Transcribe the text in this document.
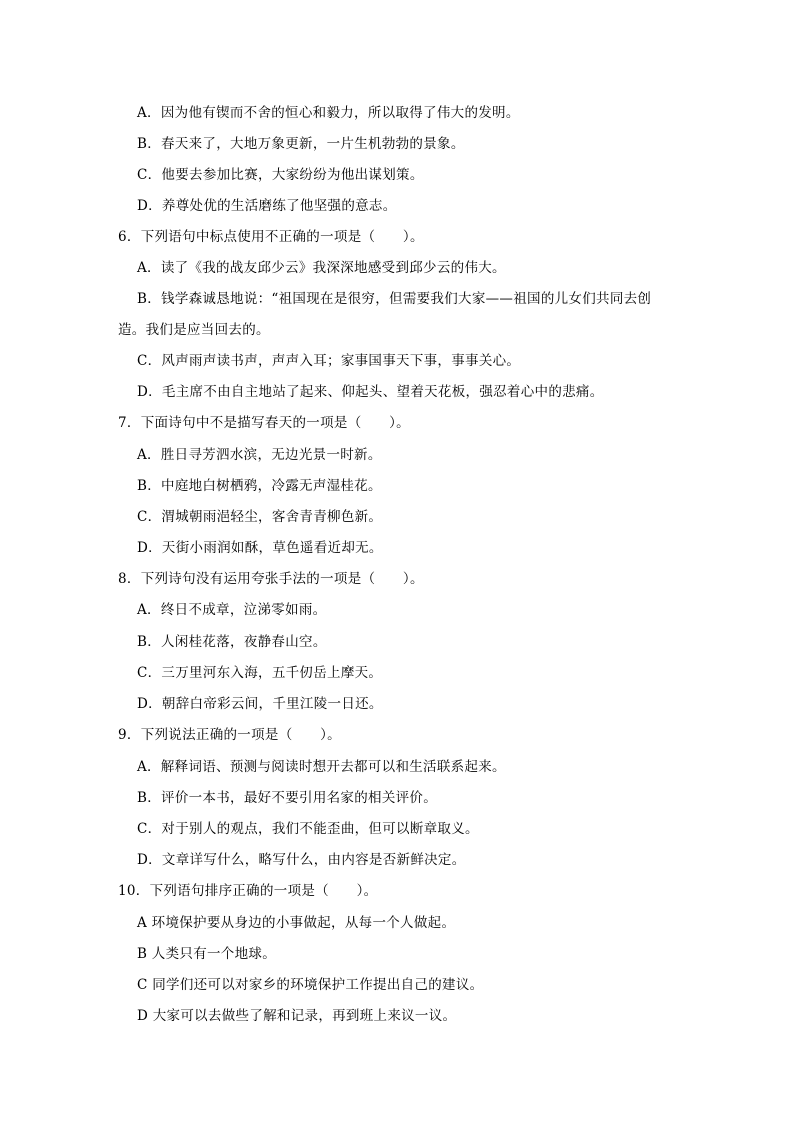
A．因为他有锲而不舍的恒心和毅力，所以取得了伟大的发明。
B．春天来了，大地万象更新，一片生机勃勃的景象。
C．他要去参加比赛，大家纷纷为他出谋划策。
D．养尊处优的生活磨练了他坚强的意志。
6．下列语句中标点使用不正确的一项是（　　）。
A．读了《我的战友邱少云》我深深地感受到邱少云的伟大。
B．钱学森诚恳地说：“祖国现在是很穷，但需要我们大家——祖国的儿女们共同去创
造。我们是应当回去的。
C．风声雨声读书声，声声入耳；家事国事天下事，事事关心。
D．毛主席不由自主地站了起来、仰起头、望着天花板，强忍着心中的悲痛。
7．下面诗句中不是描写春天的一项是（　　）。
A．胜日寻芳泗水滨，无边光景一时新。
B．中庭地白树栖鸦，冷露无声湿桂花。
C．渭城朝雨浥轻尘，客舍青青柳色新。
D．天街小雨润如酥，草色遥看近却无。
8．下列诗句没有运用夸张手法的一项是（　　）。
A．终日不成章，泣涕零如雨。
B．人闲桂花落，夜静春山空。
C．三万里河东入海，五千仞岳上摩天。
D．朝辞白帝彩云间，千里江陵一日还。
9．下列说法正确的一项是（　　）。
A．解释词语、预测与阅读时想开去都可以和生活联系起来。
B．评价一本书，最好不要引用名家的相关评价。
C．对于别人的观点，我们不能歪曲，但可以断章取义。
D．文章详写什么，略写什么，由内容是否新鲜决定。
10．下列语句排序正确的一项是（　　）。
A 环境保护要从身边的小事做起，从每一个人做起。
B 人类只有一个地球。
C 同学们还可以对家乡的环境保护工作提出自己的建议。
D 大家可以去做些了解和记录，再到班上来议一议。
